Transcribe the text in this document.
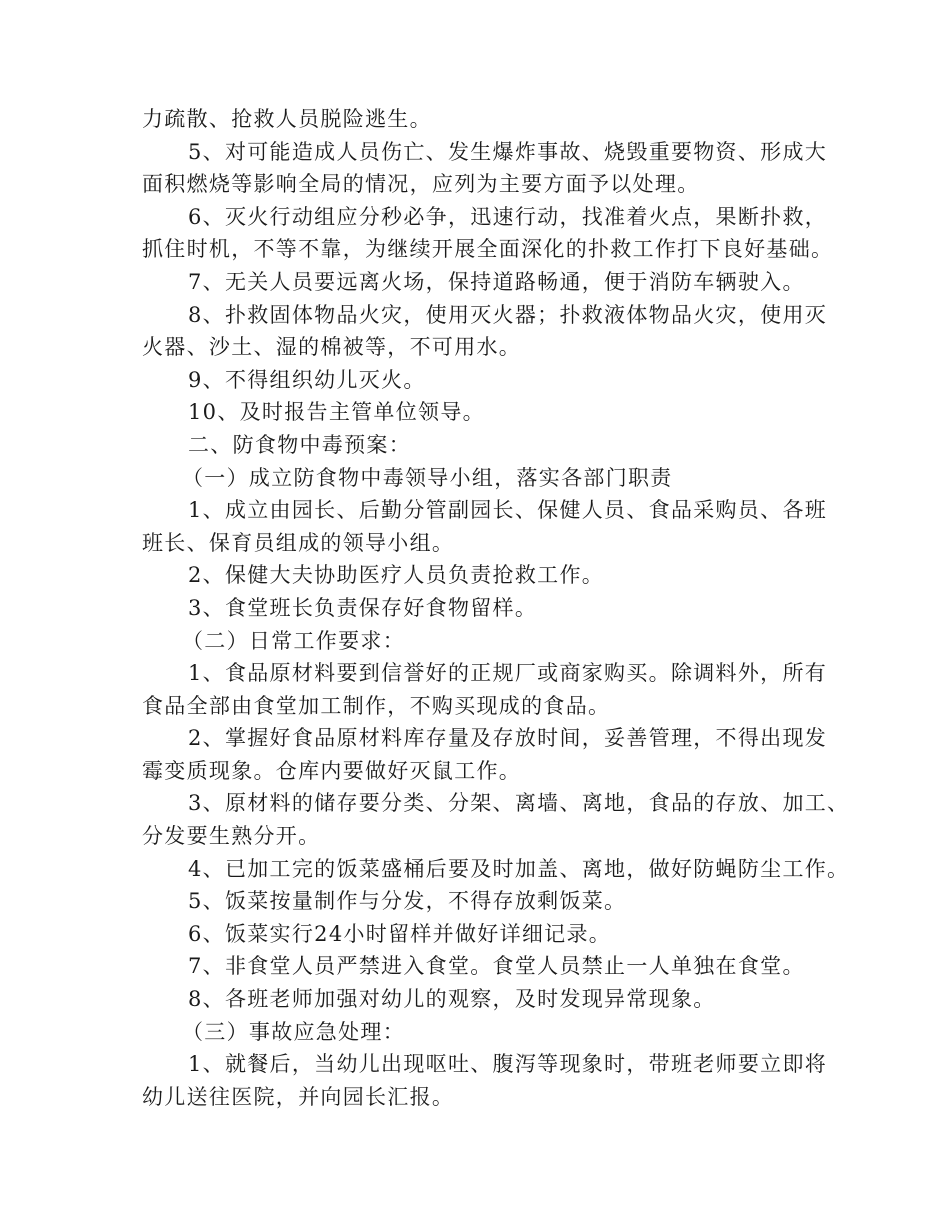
力疏散、抢救人员脱险逃生。
5、对可能造成人员伤亡、发生爆炸事故、烧毁重要物资、形成大
面积燃烧等影响全局的情况，应列为主要方面予以处理。
6、灭火行动组应分秒必争，迅速行动，找准着火点，果断扑救，
抓住时机，不等不靠，为继续开展全面深化的扑救工作打下良好基础。
7、无关人员要远离火场，保持道路畅通，便于消防车辆驶入。
8、扑救固体物品火灾，使用灭火器；扑救液体物品火灾，使用灭
火器、沙土、湿的棉被等，不可用水。
9、不得组织幼儿灭火。
10、及时报告主管单位领导。
二、防食物中毒预案：
（一）成立防食物中毒领导小组，落实各部门职责
1、成立由园长、后勤分管副园长、保健人员、食品采购员、各班
班长、保育员组成的领导小组。
2、保健大夫协助医疗人员负责抢救工作。
3、食堂班长负责保存好食物留样。
（二）日常工作要求：
1、食品原材料要到信誉好的正规厂或商家购买。除调料外，所有
食品全部由食堂加工制作，不购买现成的食品。
2、掌握好食品原材料库存量及存放时间，妥善管理，不得出现发
霉变质现象。仓库内要做好灭鼠工作。
3、原材料的储存要分类、分架、离墙、离地，食品的存放、加工、
分发要生熟分开。
4、已加工完的饭菜盛桶后要及时加盖、离地，做好防蝇防尘工作。
5、饭菜按量制作与分发，不得存放剩饭菜。
6、饭菜实行24小时留样并做好详细记录。
7、非食堂人员严禁进入食堂。食堂人员禁止一人单独在食堂。
8、各班老师加强对幼儿的观察，及时发现异常现象。
（三）事故应急处理：
1、就餐后，当幼儿出现呕吐、腹泻等现象时，带班老师要立即将
幼儿送往医院，并向园长汇报。
